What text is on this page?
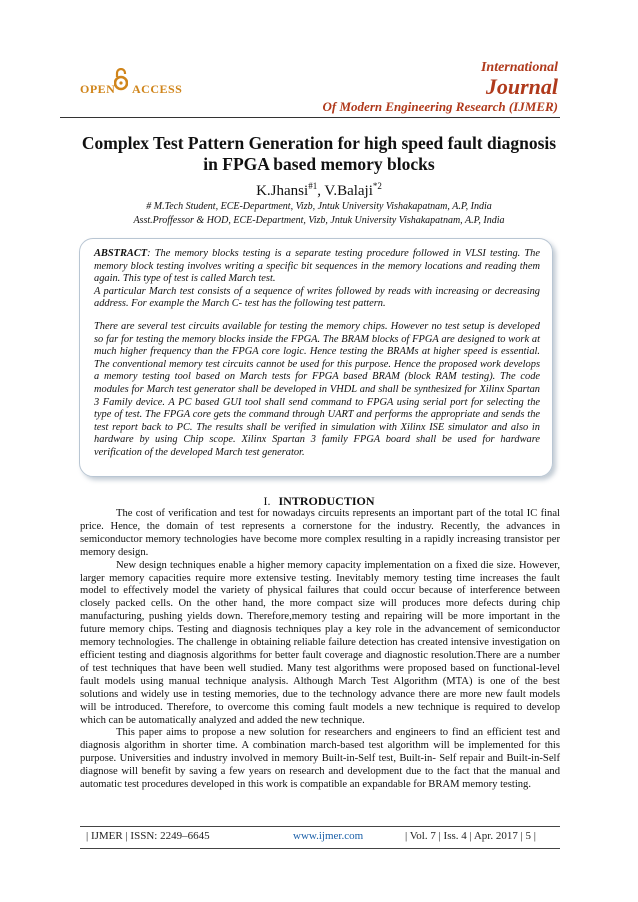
OPEN ACCESS
International
Journal
Of Modern Engineering Research (IJMER)
Complex Test Pattern Generation for high speed fault diagnosis
in FPGA based memory blocks
K.Jhansi$^{\#1}$, V.Balaji$^{*2}$
# M.Tech Student, ECE-Department, Vizb, Jntuk University Vishakapatnam, A.P, India
Asst.Proffessor & HOD, ECE-Department, Vizb, Jntuk University Vishakapatnam, A.P, India

ABSTRACT: The memory blocks testing is a separate testing procedure followed in VLSI testing. The memory block testing involves writing a specific bit sequences in the memory locations and reading them again. This type of test is called March test.

A particular March test consists of a sequence of writes followed by reads with increasing or decreasing address. For example the March C- test has the following test pattern.

There are several test circuits available for testing the memory chips. However no test setup is developed so far for testing the memory blocks inside the FPGA. The BRAM blocks of FPGA are designed to work at much higher frequency than the FPGA core logic. Hence testing the BRAMs at higher speed is essential. The conventional memory test circuits cannot be used for this purpose. Hence the proposed work develops a memory testing tool based on March tests for FPGA based BRAM (block RAM testing). The code modules for March test generator shall be developed in VHDL and shall be synthesized for Xilinx Spartan 3 Family device. A PC based GUI tool shall send command to FPGA using serial port for selecting the type of test. The FPGA core gets the command through UART and performs the appropriate and sends the test report back to PC. The results shall be verified in simulation with Xilinx ISE simulator and also in hardware by using Chip scope. Xilinx Spartan 3 family FPGA board shall be used for hardware verification of the developed March test generator.

I. INTRODUCTION

The cost of verification and test for nowadays circuits represents an important part of the total IC final price. Hence, the domain of test represents a cornerstone for the industry. Recently, the advances in semiconductor memory technologies have become more complex resulting in a rapidly increasing transistor per memory design.

New design techniques enable a higher memory capacity implementation on a fixed die size. However, larger memory capacities require more extensive testing. Inevitably memory testing time increases the fault model to effectively model the variety of physical failures that could occur because of interference between closely packed cells. On the other hand, the more compact size will produces more defects during chip manufacturing, pushing yields down. Therefore,memory testing and repairing will be more important in the future memory chips. Testing and diagnosis techniques play a key role in the advancement of semiconductor memory technologies. The challenge in obtaining reliable failure detection has created intensive investigation on efficient testing and diagnosis algorithms for better fault coverage and diagnostic resolution.There are a number of test techniques that have been well studied. Many test algorithms were proposed based on functional-level fault models using manual technique analysis. Although March Test Algorithm (MTA) is one of the best solutions and widely use in testing memories, due to the technology advance there are more new fault models will be introduced. Therefore, to overcome this coming fault models a new technique is required to develop which can be automatically analyzed and added the new technique.

This paper aims to propose a new solution for researchers and engineers to find an efficient test and diagnosis algorithm in shorter time. A combination march-based test algorithm will be implemented for this purpose. Universities and industry involved in memory Built-in-Self test, Built-in- Self repair and Built-in-Self diagnose will benefit by saving a few years on research and development due to the fact that the manual and automatic test procedures developed in this work is compatible an expandable for BRAM memory testing.

| IJMER | ISSN: 2249–6645	www.ijmer.com	| Vol. 7 | Iss. 4 | Apr. 2017 | 5 |
